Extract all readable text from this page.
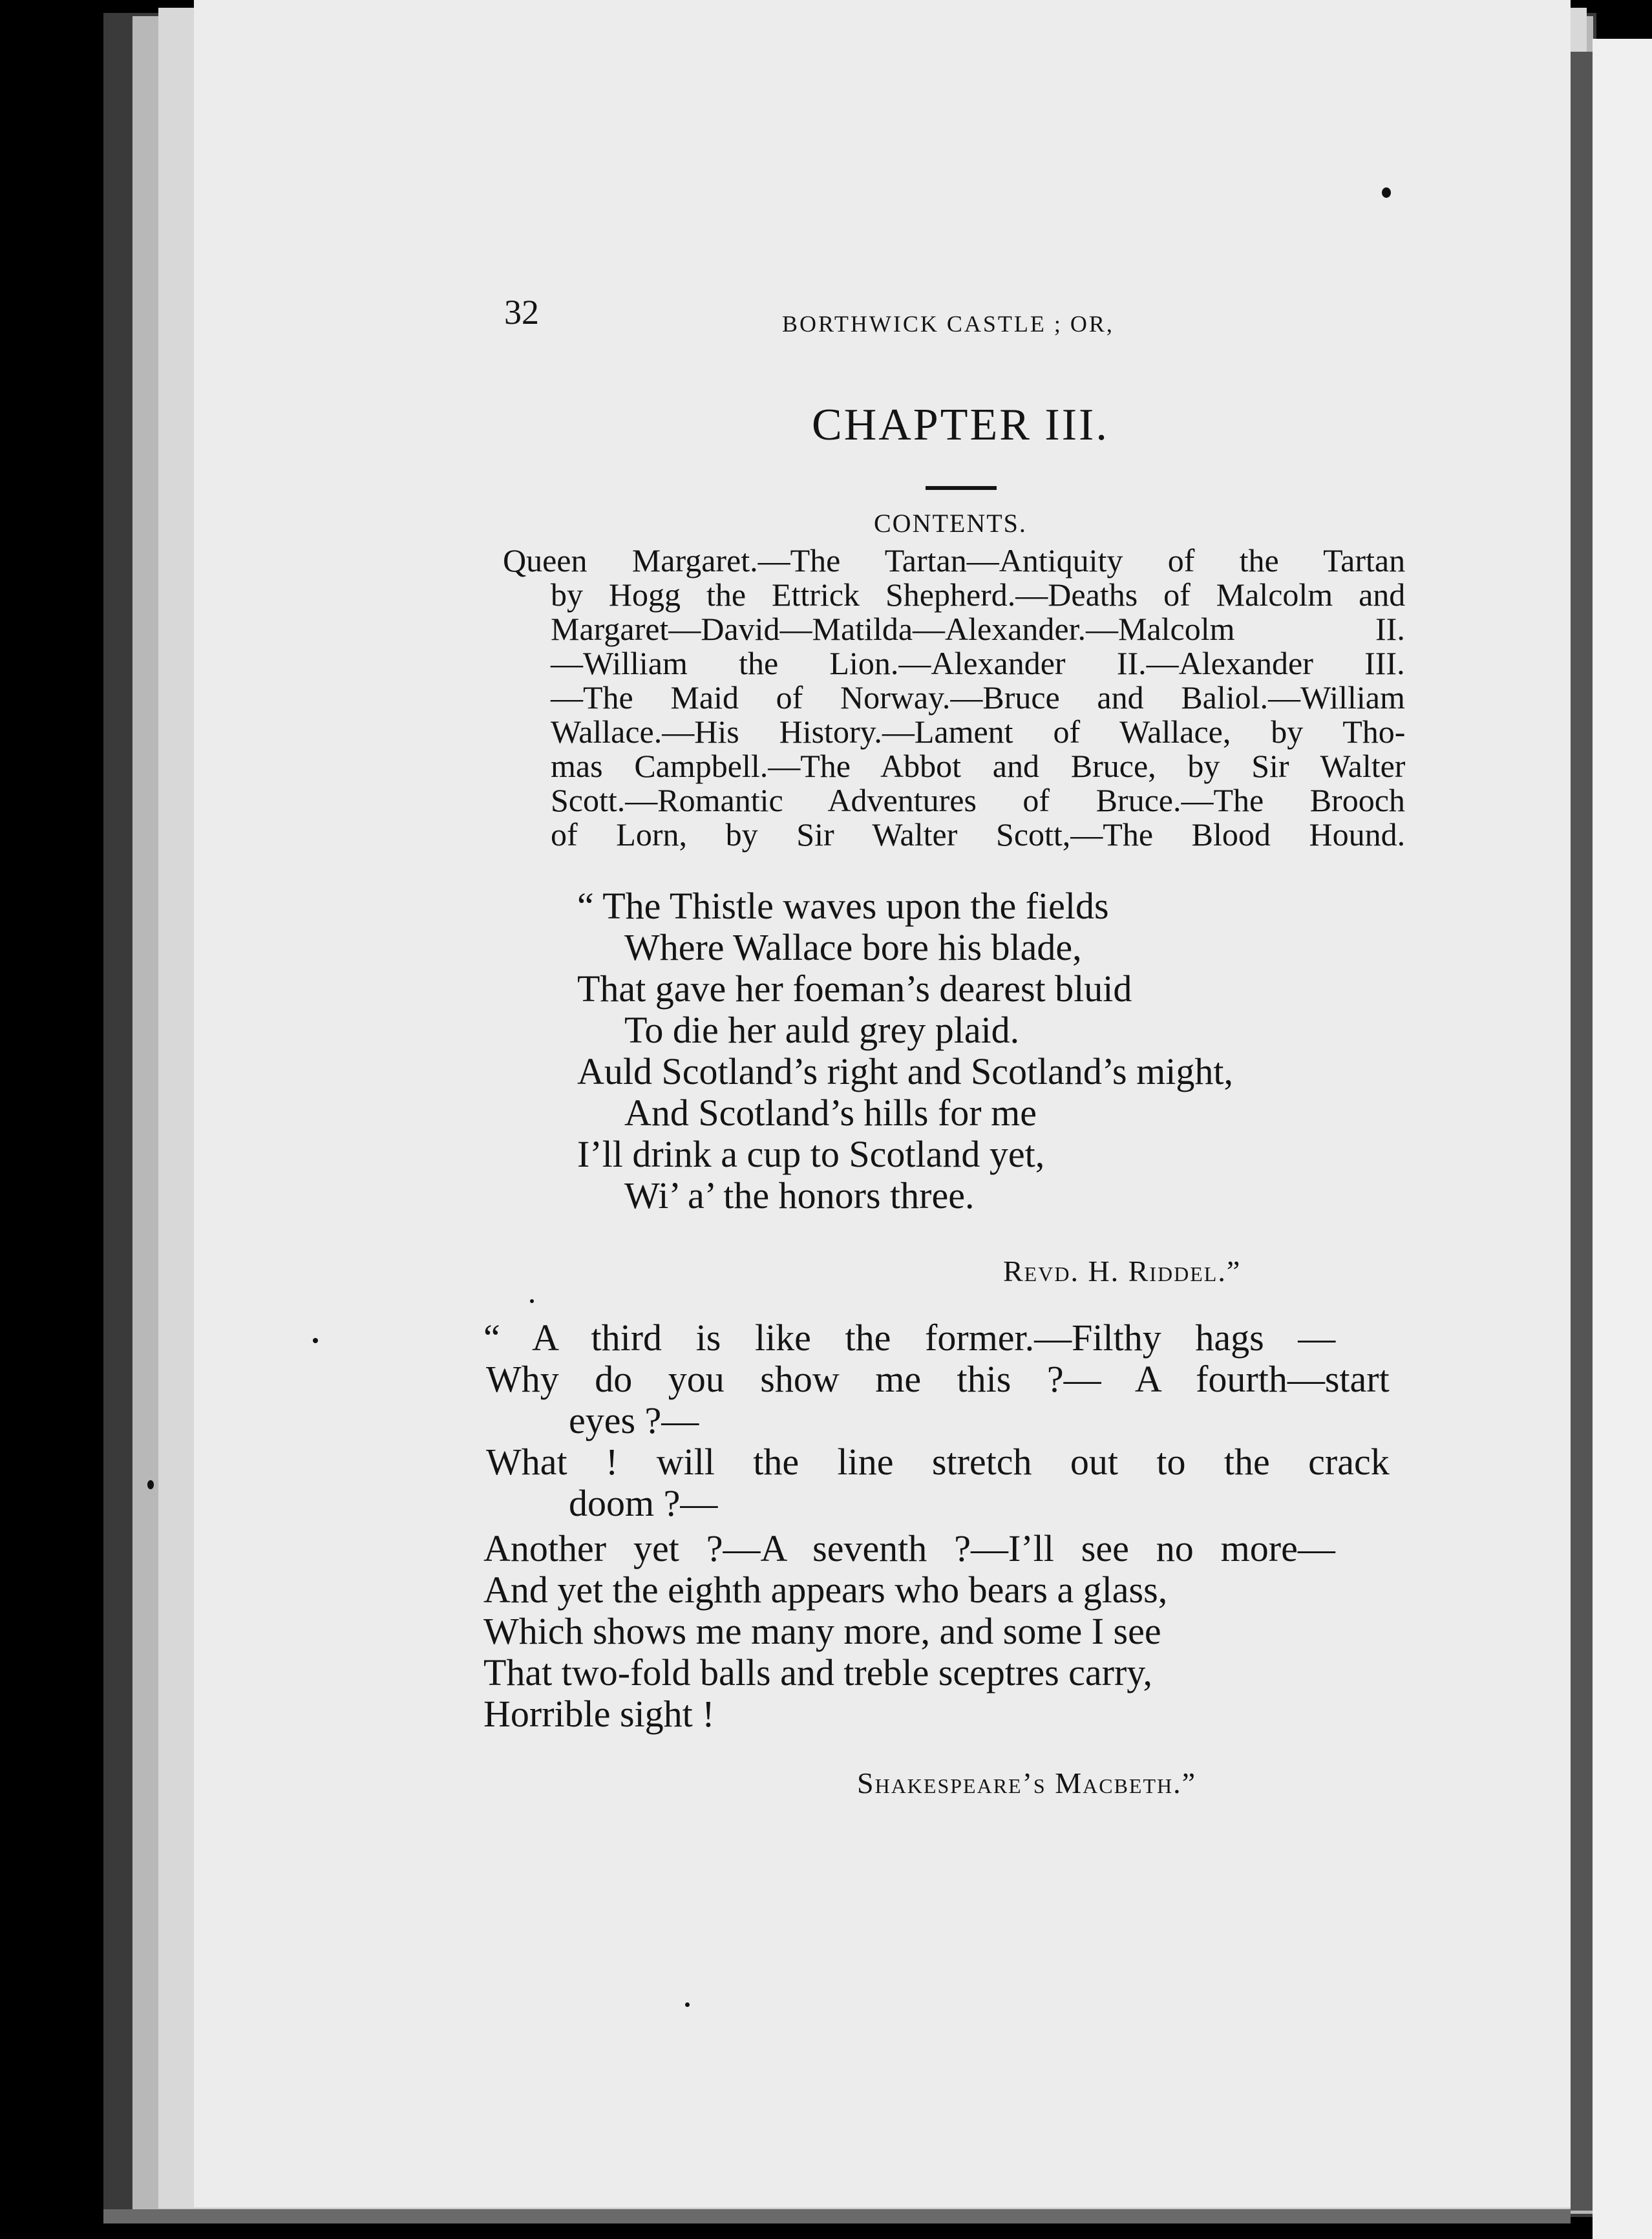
32	BORTHWICK CASTLE ; OR,
CHAPTER III.
CONTENTS.
Queen Margaret.—The Tartan—Antiquity of the Tartan
by Hogg the Ettrick Shepherd.—Deaths of Malcolm and
Margaret—David—Matilda—Alexander.—Malcolm II.
—William the Lion.—Alexander II.—Alexander III.
—The Maid of Norway.—Bruce and Baliol.—William
Wallace.—His History.—Lament of Wallace, by Tho-
mas Campbell.—The Abbot and Bruce, by Sir Walter
Scott.—Romantic Adventures of Bruce.—The Brooch
of Lorn, by Sir Walter Scott,—The Blood Hound.
“ The Thistle waves upon the fields
Where Wallace bore his blade,
That gave her foeman’s dearest bluid
To die her auld grey plaid.
Auld Scotland’s right and Scotland’s might,
And Scotland’s hills for me
I’ll drink a cup to Scotland yet,
Wi’ a’ the honors three.
Revd. H. Riddel.”
“ A third is like the former.—Filthy hags —
Why do you show me this ?— A fourth—start
eyes ?—
What ! will the line stretch out to the crack
doom ?—
Another yet ?—A seventh ?—I’ll see no more—
And yet the eighth appears who bears a glass,
Which shows me many more, and some I see
That two-fold balls and treble sceptres carry,
Horrible sight !
Shakespeare’s Macbeth.”
